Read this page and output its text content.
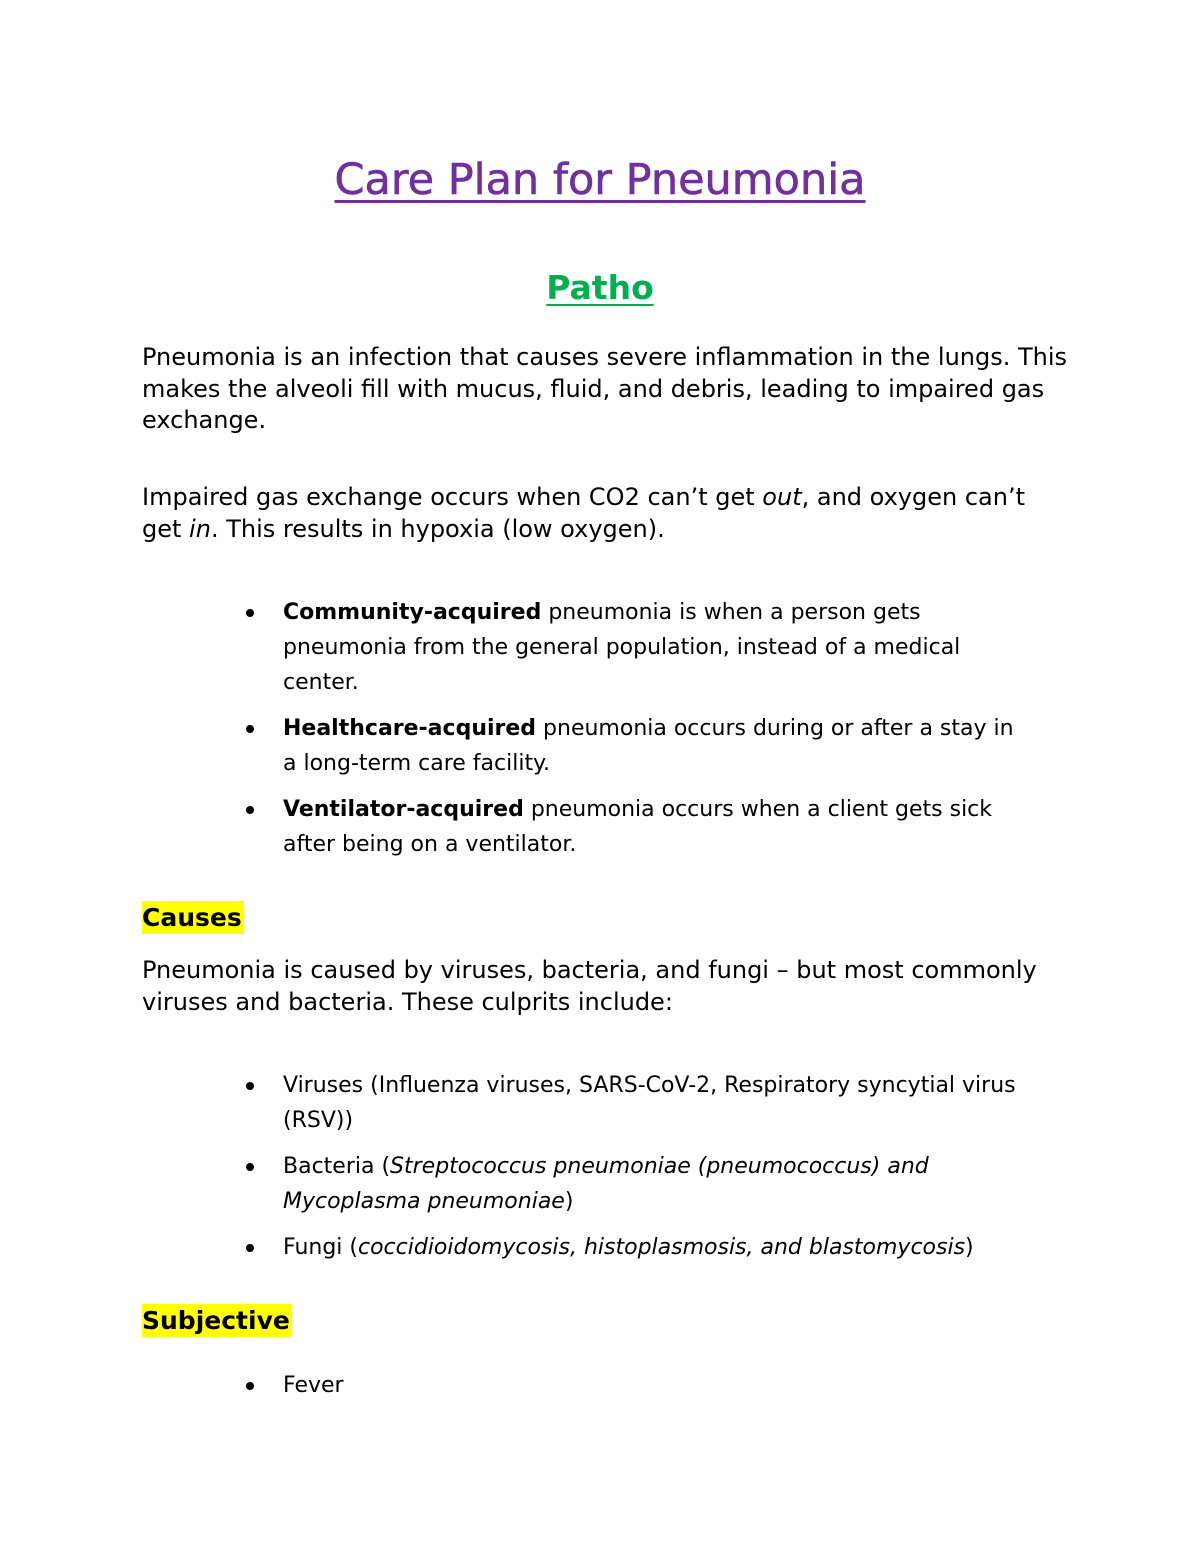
Care Plan for Pneumonia
Patho

Pneumonia is an infection that causes severe inflammation in the lungs. This makes the alveoli fill with mucus, fluid, and debris, leading to impaired gas exchange.

Impaired gas exchange occurs when CO2 can’t get out, and oxygen can’t get in. This results in hypoxia (low oxygen).

Community-acquired pneumonia is when a person gets pneumonia from the general population, instead of a medical center.
Healthcare-acquired pneumonia occurs during or after a stay in a long-term care facility.
Ventilator-acquired pneumonia occurs when a client gets sick after being on a ventilator.
Causes

Pneumonia is caused by viruses, bacteria, and fungi – but most commonly viruses and bacteria. These culprits include:

Viruses (Influenza viruses, SARS-CoV-2, Respiratory syncytial virus (RSV))
Bacteria (Streptococcus pneumoniae (pneumococcus) and Mycoplasma pneumoniae)
Fungi (coccidioidomycosis, histoplasmosis, and blastomycosis)
Subjective
Fever
